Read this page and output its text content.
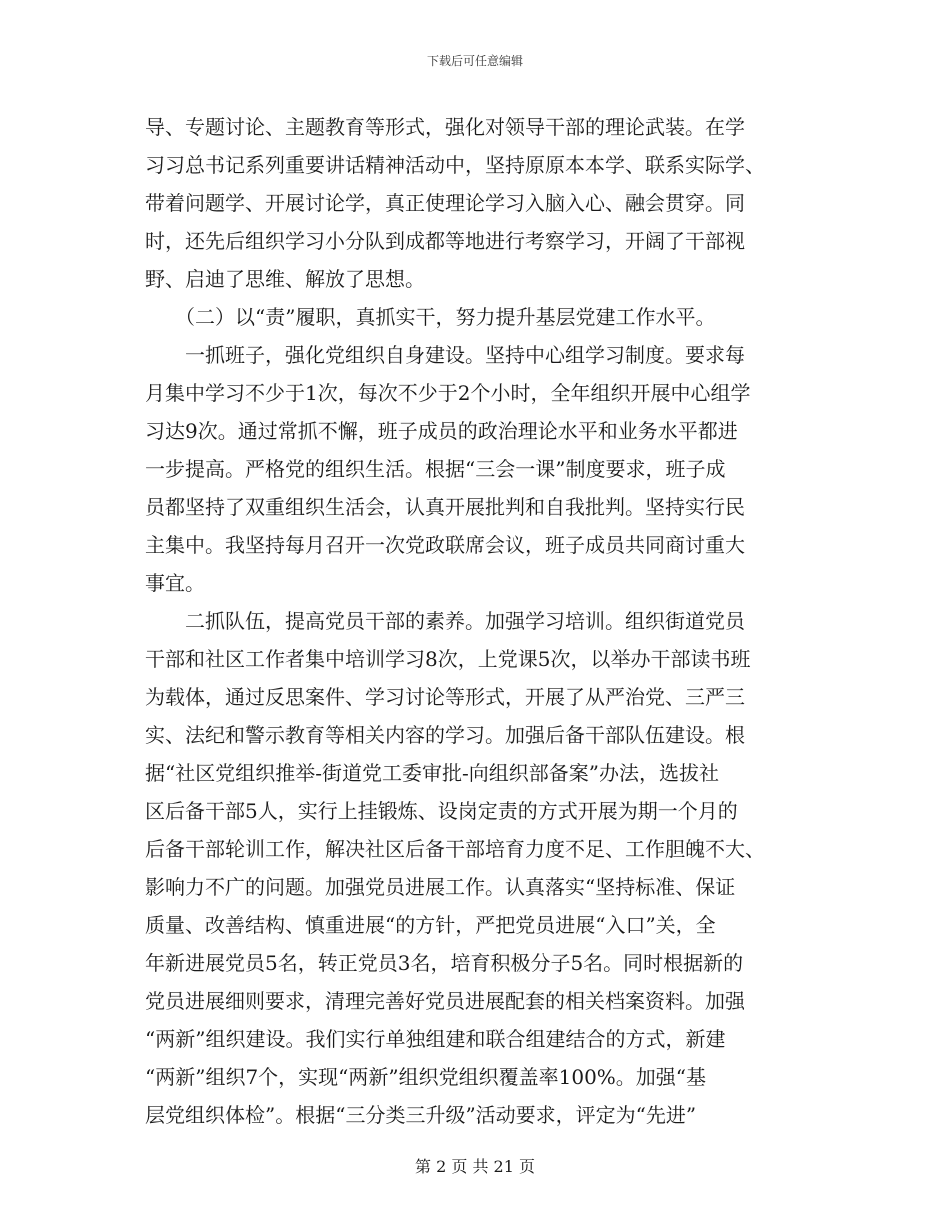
下载后可任意编辑
导、专题讨论、主题教育等形式，强化对领导干部的理论武装。在学
习习总书记系列重要讲话精神活动中，坚持原原本本学、联系实际学、
带着问题学、开展讨论学，真正使理论学习入脑入心、融会贯穿。同
时，还先后组织学习小分队到成都等地进行考察学习，开阔了干部视
野、启迪了思维、解放了思想。
　　（二）以“责”履职，真抓实干，努力提升基层党建工作水平。
　　一抓班子，强化党组织自身建设。坚持中心组学习制度。要求每
月集中学习不少于1次，每次不少于2个小时，全年组织开展中心组学
习达9次。通过常抓不懈，班子成员的政治理论水平和业务水平都进
一步提高。严格党的组织生活。根据“三会一课”制度要求，班子成
员都坚持了双重组织生活会，认真开展批判和自我批判。坚持实行民
主集中。我坚持每月召开一次党政联席会议，班子成员共同商讨重大
事宜。
　　二抓队伍，提高党员干部的素养。加强学习培训。组织街道党员
干部和社区工作者集中培训学习8次，上党课5次，以举办干部读书班
为载体，通过反思案件、学习讨论等形式，开展了从严治党、三严三
实、法纪和警示教育等相关内容的学习。加强后备干部队伍建设。根
据“社区党组织推举-街道党工委审批-向组织部备案”办法，选拔社
区后备干部5人，实行上挂锻炼、设岗定责的方式开展为期一个月的
后备干部轮训工作，解决社区后备干部培育力度不足、工作胆魄不大、
影响力不广的问题。加强党员进展工作。认真落实“坚持标准、保证
质量、改善结构、慎重进展“的方针，严把党员进展“入口”关，全
年新进展党员5名，转正党员3名，培育积极分子5名。同时根据新的
党员进展细则要求，清理完善好党员进展配套的相关档案资料。加强
“两新”组织建设。我们实行单独组建和联合组建结合的方式，新建
“两新”组织7个，实现“两新”组织党组织覆盖率100%。加强“基
层党组织体检”。根据“三分类三升级”活动要求，评定为“先进”
第 2 页 共 21 页
